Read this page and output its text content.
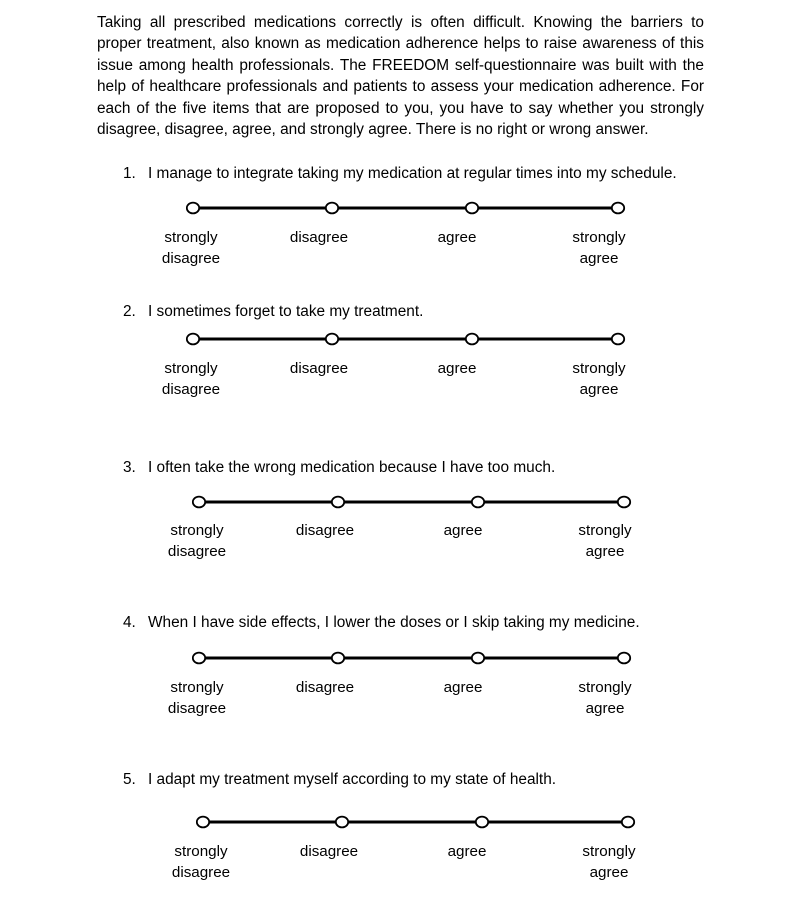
Taking all prescribed medications correctly is often difficult. Knowing the barriers to proper treatment, also known as medication adherence helps to raise awareness of this issue among health professionals. The FREEDOM self-questionnaire was built with the help of healthcare professionals and patients to assess your medication adherence. For each of the five items that are proposed to you, you have to say whether you strongly disagree, disagree, agree, and strongly agree. There is no right or wrong answer.

1. I manage to integrate taking my medication at regular times into my schedule.
strongly
disagree
disagree	agree	strongly
agree
2. I sometimes forget to take my treatment.
strongly
disagree
disagree	agree	strongly
agree
3. I often take the wrong medication because I have too much.
strongly
disagree
disagree	agree	strongly
agree
4. When I have side effects, I lower the doses or I skip taking my medicine.
strongly
disagree
disagree	agree	strongly
agree
5. I adapt my treatment myself according to my state of health.
strongly
disagree
disagree	agree	strongly
agree
